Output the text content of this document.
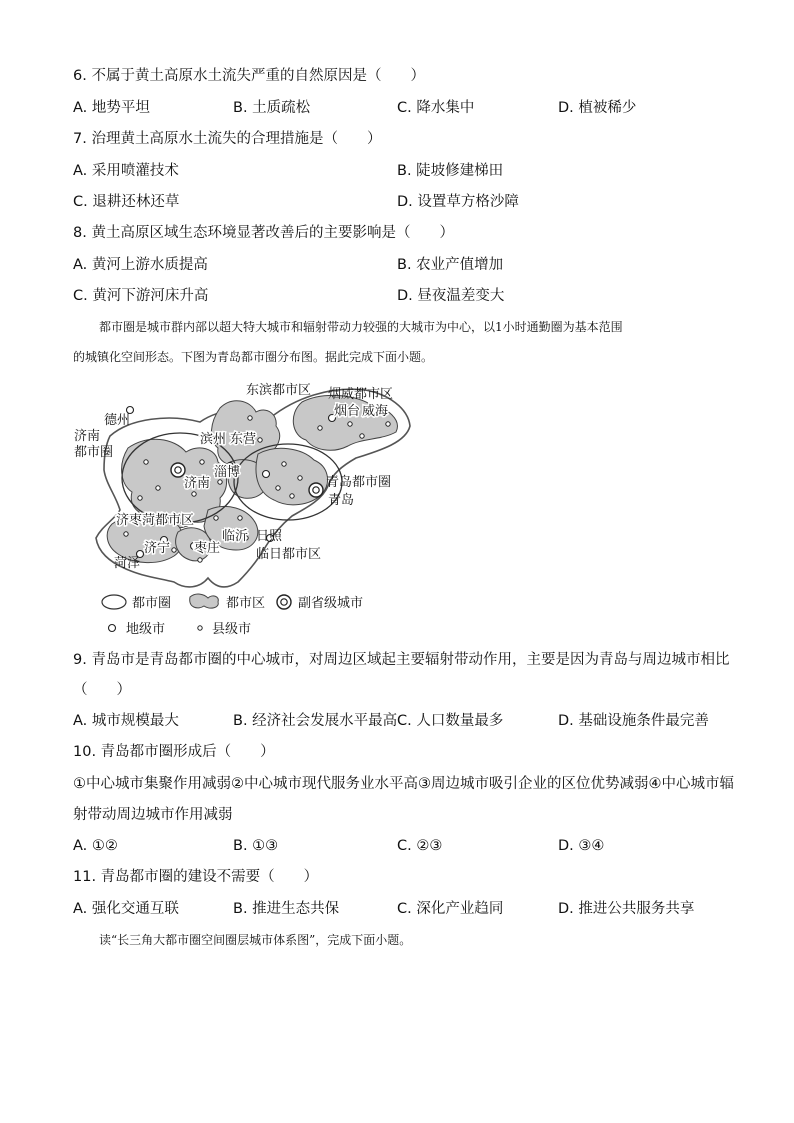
6. 不属于黄土高原水土流失严重的自然原因是（　　）
A. 地势平坦	B. 土质疏松	C. 降水集中	D. 植被稀少
7. 治理黄土高原水土流失的合理措施是（　　）
A. 采用喷灌技术	B. 陡坡修建梯田
C. 退耕还林还草	D. 设置草方格沙障
8. 黄土高原区域生态环境显著改善后的主要影响是（　　）
A. 黄河上游水质提高	B. 农业产值增加
C. 黄河下游河床升高	D. 昼夜温差变大
都市圈是城市群内部以超大特大城市和辐射带动力较强的大城市为中心，以1小时通勤圈为基本范围
的城镇化空间形态。下图为青岛都市圈分布图。据此完成下面小题。
东滨都市区 烟威都市区
烟台 威海
德州
济南
都市圈
滨州 东营
淄博
济南	青岛都市圈
青岛
济枣菏都市区
济宁
菏泽
枣庄
临沂 日照
临日都市区
都市圈	都市区	副省级城市
地级市	县级市
9. 青岛市是青岛都市圈的中心城市，对周边区域起主要辐射带动作用，主要是因为青岛与周边城市相比
（　　）
A. 城市规模最大	B. 经济社会发展水平最高 C. 人口数量最多	D. 基础设施条件最完善
10. 青岛都市圈形成后（　　）
①中心城市集聚作用减弱②中心城市现代服务业水平高③周边城市吸引企业的区位优势减弱④中心城市辐
射带动周边城市作用减弱
A. ①②	B. ①③	C. ②③	D. ③④
11. 青岛都市圈的建设不需要（　　）
A. 强化交通互联	B. 推进生态共保	C. 深化产业趋同	D. 推进公共服务共享
读“长三角大都市圈空间圈层城市体系图”，完成下面小题。
